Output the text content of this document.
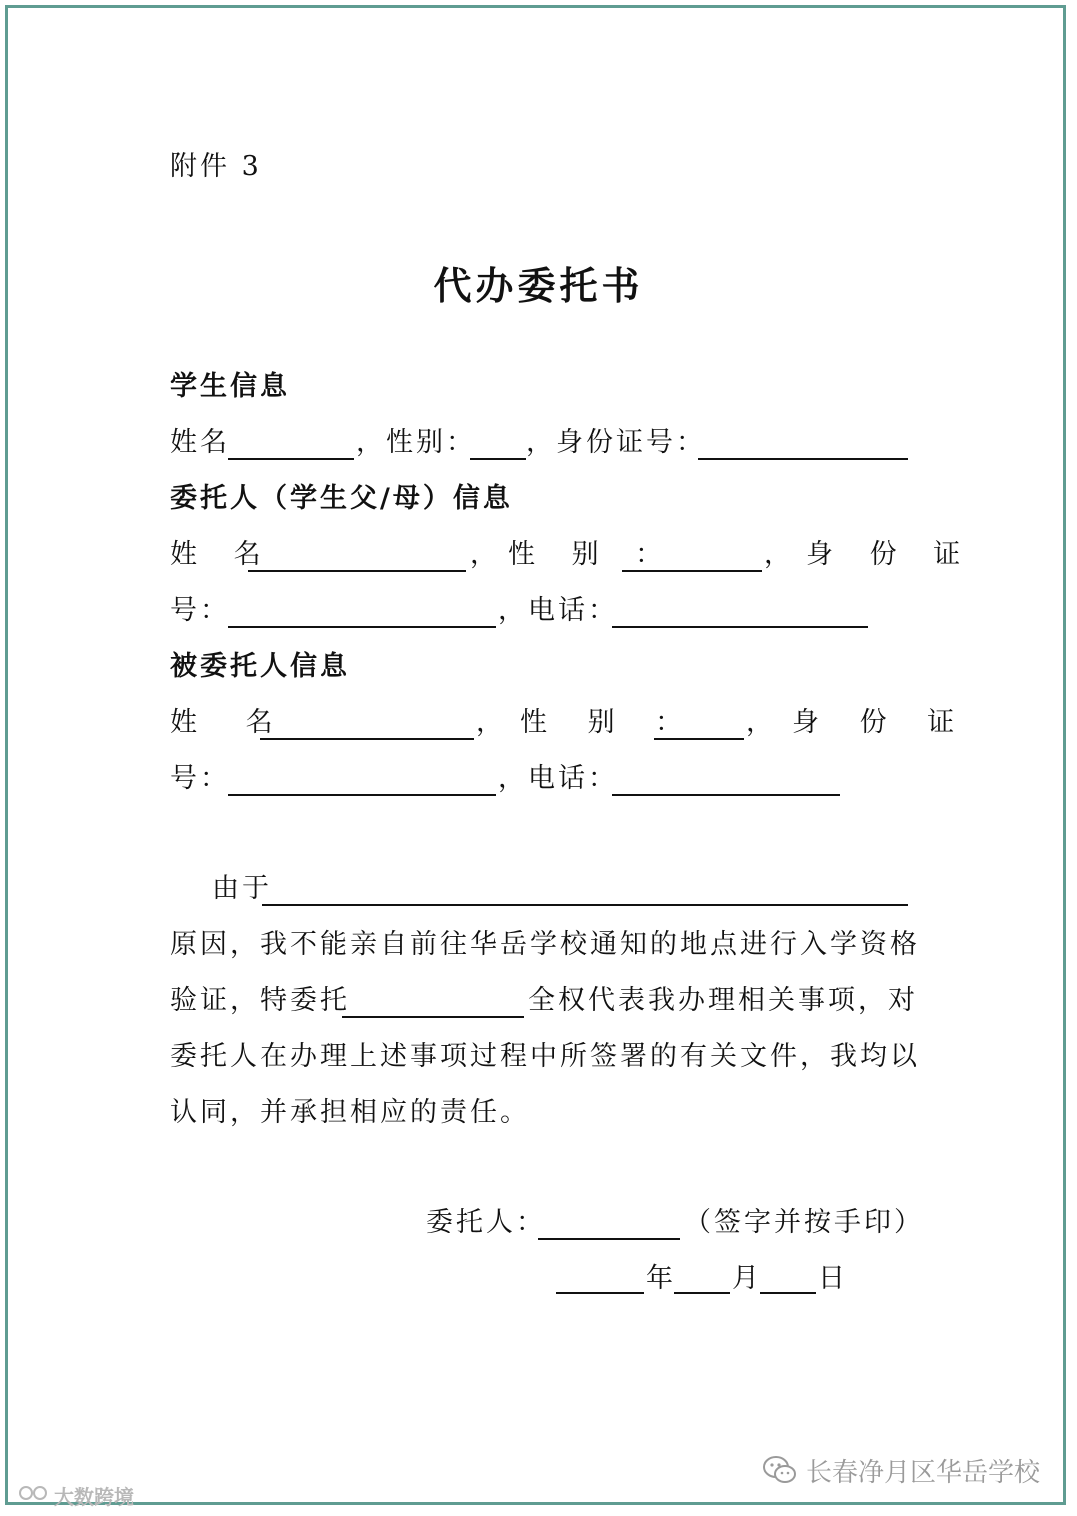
附件 3
代办委托书
学生信息
姓名	，性别： ，身份证号：
委托人（学生父/母）信息
姓 名	， 性 别 ：	， 身 份 证
号：	，电话：
被委托人信息
姓 名	， 性 别 ： ， 身 份 证
号：	，电话：
由于
原因，我不能亲自前往华岳学校通知的地点进行入学资格
验证，特委托	全权代表我办理相关事项，对
委托人在办理上述事项过程中所签署的有关文件，我均以
认同，并承担相应的责任。
委托人：	（签字并按手印）
年 月 日
长春净月区华岳学校
大数跨境
